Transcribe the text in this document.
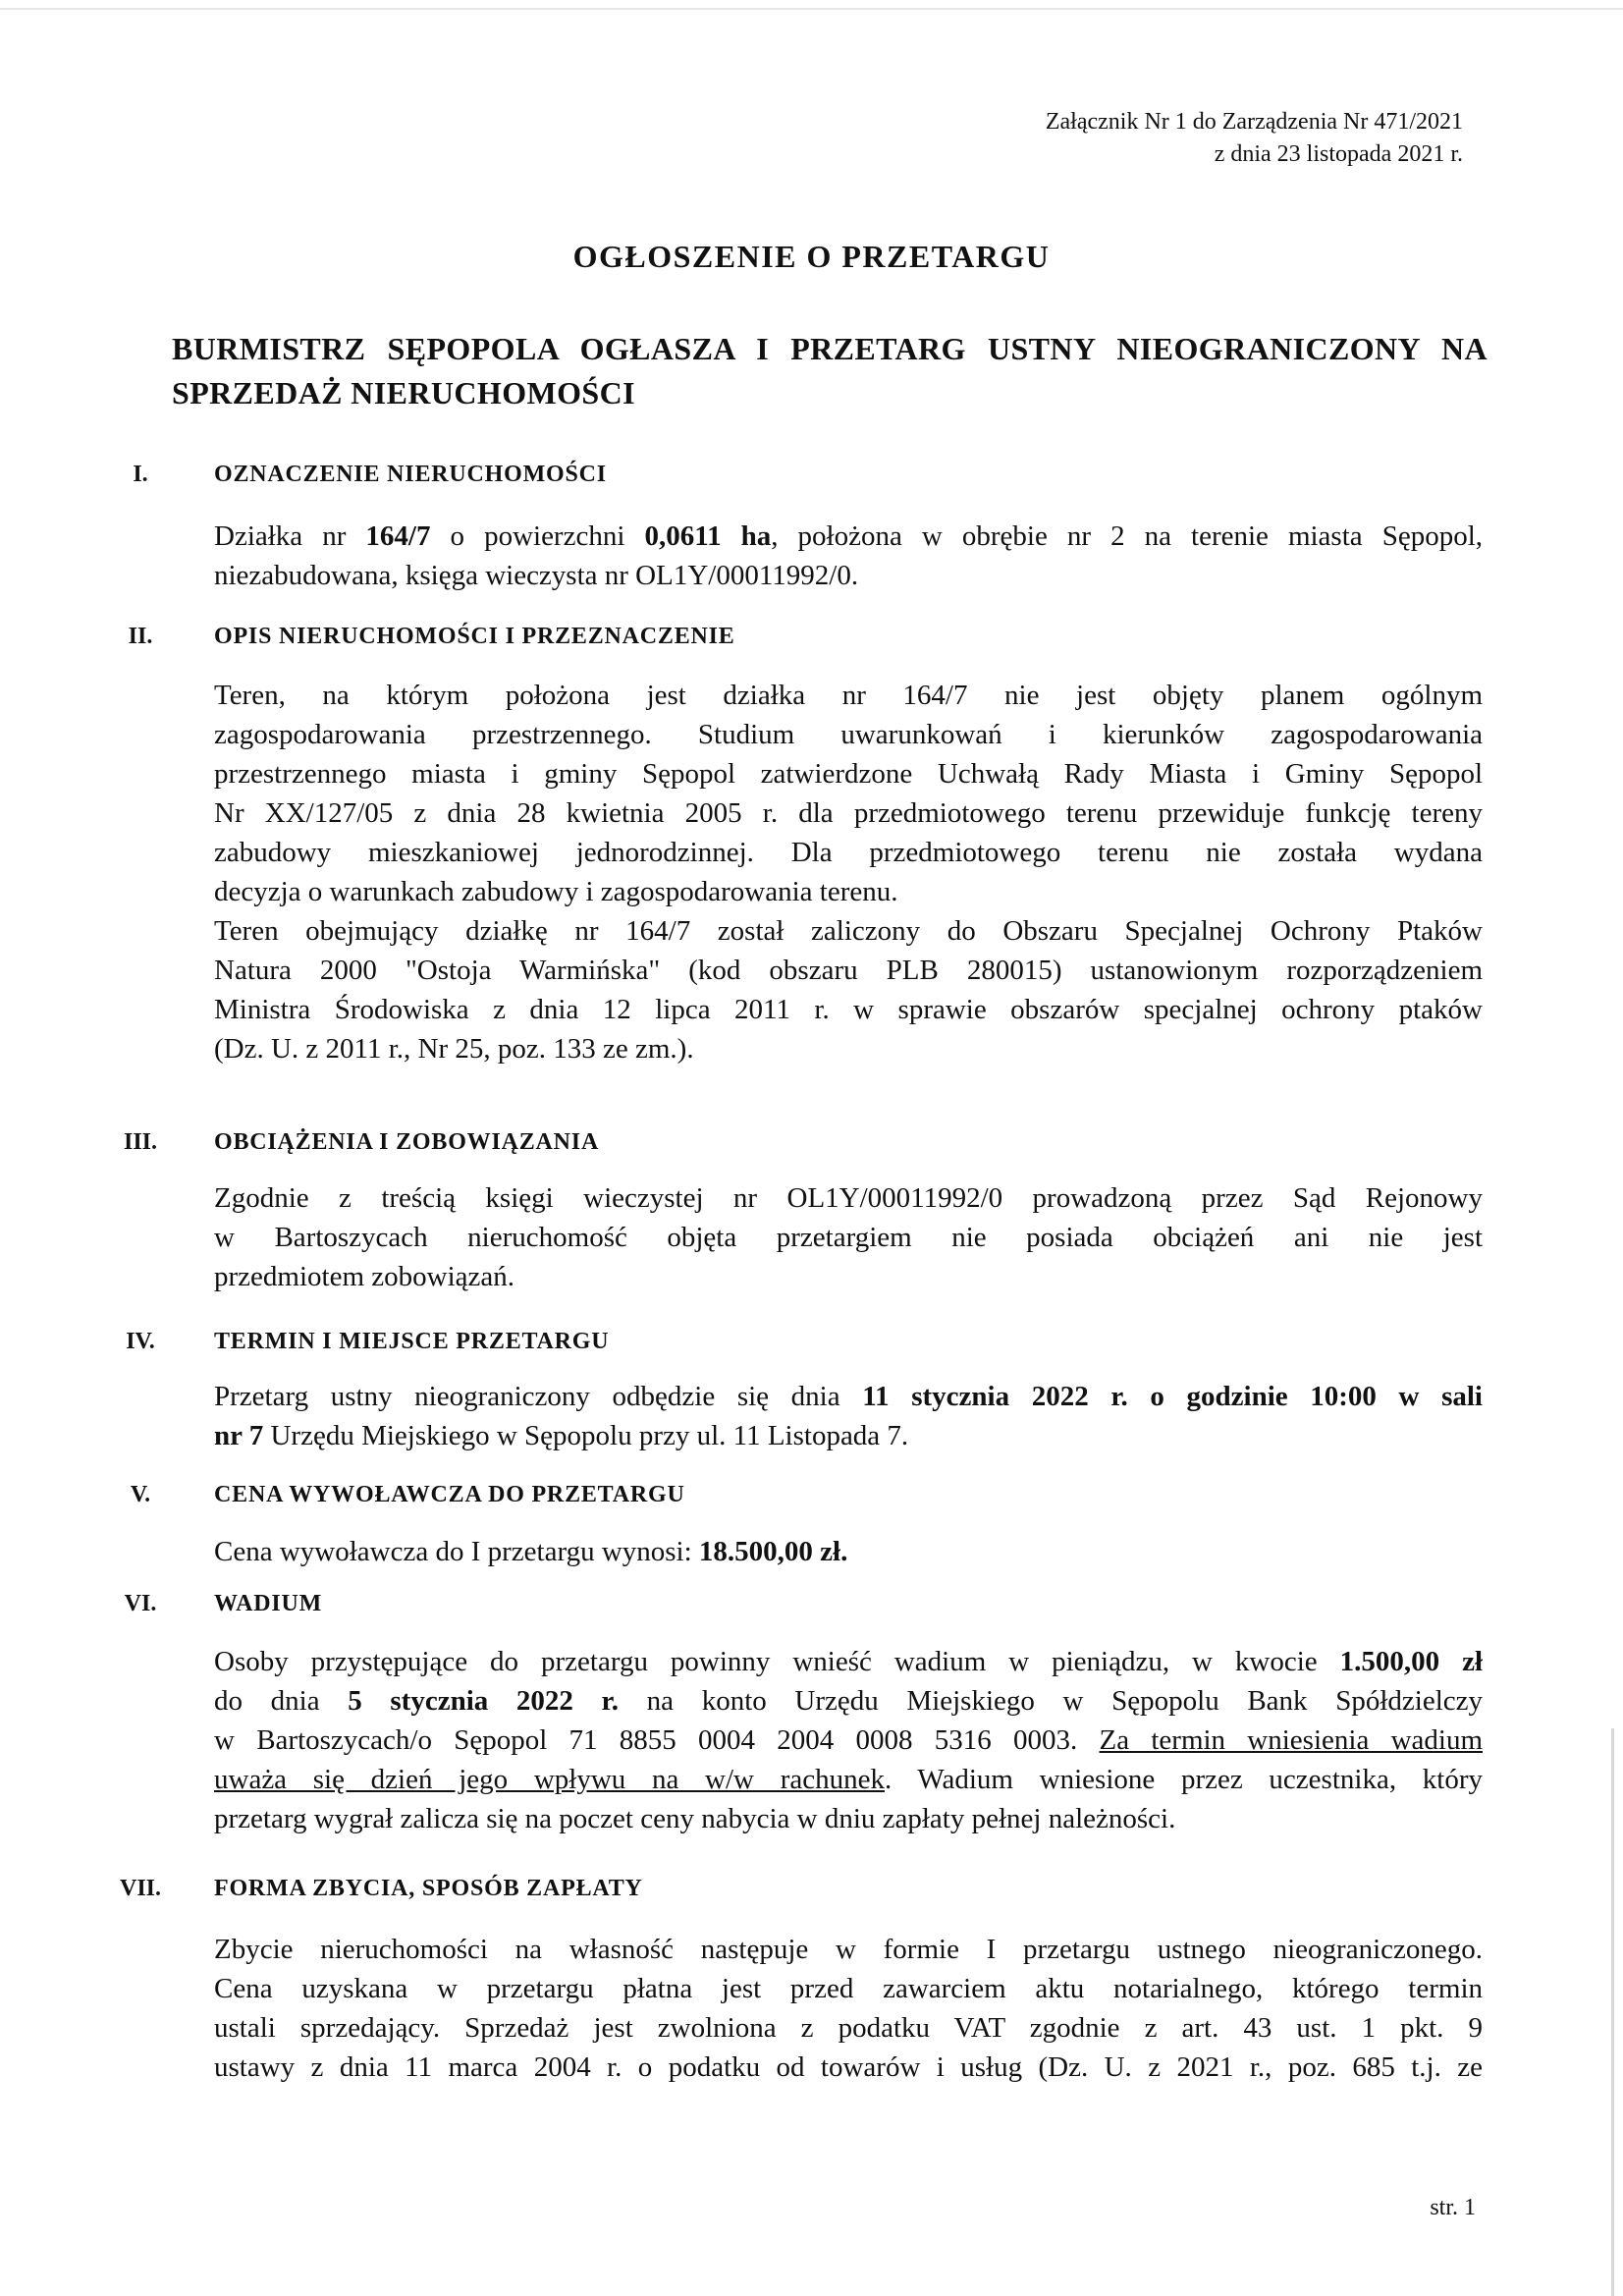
Załącznik Nr 1 do Zarządzenia Nr 471/2021
z dnia 23 listopada 2021 r.
OGŁOSZENIE O PRZETARGU
BURMISTRZ SĘPOPOLA OGŁASZA I PRZETARG USTNY NIEOGRANICZONY NA
SPRZEDAŻ NIERUCHOMOŚCI
I.	OZNACZENIE NIERUCHOMOŚCI
Działka nr 164/7 o powierzchni 0,0611 ha, położona w obrębie nr 2 na terenie miasta Sępopol,
niezabudowana, księga wieczysta nr OL1Y/00011992/0.
II.	OPIS NIERUCHOMOŚCI I PRZEZNACZENIE
Teren, na którym położona jest działka nr 164/7 nie jest objęty planem ogólnym
zagospodarowania przestrzennego. Studium uwarunkowań i kierunków zagospodarowania
przestrzennego miasta i gminy Sępopol zatwierdzone Uchwałą Rady Miasta i Gminy Sępopol
Nr XX/127/05 z dnia 28 kwietnia 2005 r. dla przedmiotowego terenu przewiduje funkcję tereny
zabudowy mieszkaniowej jednorodzinnej. Dla przedmiotowego terenu nie została wydana
decyzja o warunkach zabudowy i zagospodarowania terenu.
Teren obejmujący działkę nr 164/7 został zaliczony do Obszaru Specjalnej Ochrony Ptaków
Natura 2000 "Ostoja Warmińska" (kod obszaru PLB 280015) ustanowionym rozporządzeniem
Ministra Środowiska z dnia 12 lipca 2011 r. w sprawie obszarów specjalnej ochrony ptaków
(Dz. U. z 2011 r., Nr 25, poz. 133 ze zm.).
III.	OBCIĄŻENIA I ZOBOWIĄZANIA
Zgodnie z treścią księgi wieczystej nr OL1Y/00011992/0 prowadzoną przez Sąd Rejonowy
w Bartoszycach nieruchomość objęta przetargiem nie posiada obciążeń ani nie jest
przedmiotem zobowiązań.
IV.	TERMIN I MIEJSCE PRZETARGU
Przetarg ustny nieograniczony odbędzie się dnia 11 stycznia 2022 r. o godzinie 10:00 w sali
nr 7 Urzędu Miejskiego w Sępopolu przy ul. 11 Listopada 7.
V.	CENA WYWOŁAWCZA DO PRZETARGU
Cena wywoławcza do I przetargu wynosi: 18.500,00 zł.
VI.	WADIUM
Osoby przystępujące do przetargu powinny wnieść wadium w pieniądzu, w kwocie 1.500,00 zł
do dnia 5 stycznia 2022 r. na konto Urzędu Miejskiego w Sępopolu Bank Spółdzielczy
w Bartoszycach/o Sępopol 71 8855 0004 2004 0008 5316 0003. Za termin wniesienia wadium
uważa się dzień jego wpływu na w/w rachunek. Wadium wniesione przez uczestnika, który
przetarg wygrał zalicza się na poczet ceny nabycia w dniu zapłaty pełnej należności.
VII.	FORMA ZBYCIA, SPOSÓB ZAPŁATY
Zbycie nieruchomości na własność następuje w formie I przetargu ustnego nieograniczonego.
Cena uzyskana w przetargu płatna jest przed zawarciem aktu notarialnego, którego termin
ustali sprzedający. Sprzedaż jest zwolniona z podatku VAT zgodnie z art. 43 ust. 1 pkt. 9
ustawy z dnia 11 marca 2004 r. o podatku od towarów i usług (Dz. U. z 2021 r., poz. 685 t.j. ze
str. 1
